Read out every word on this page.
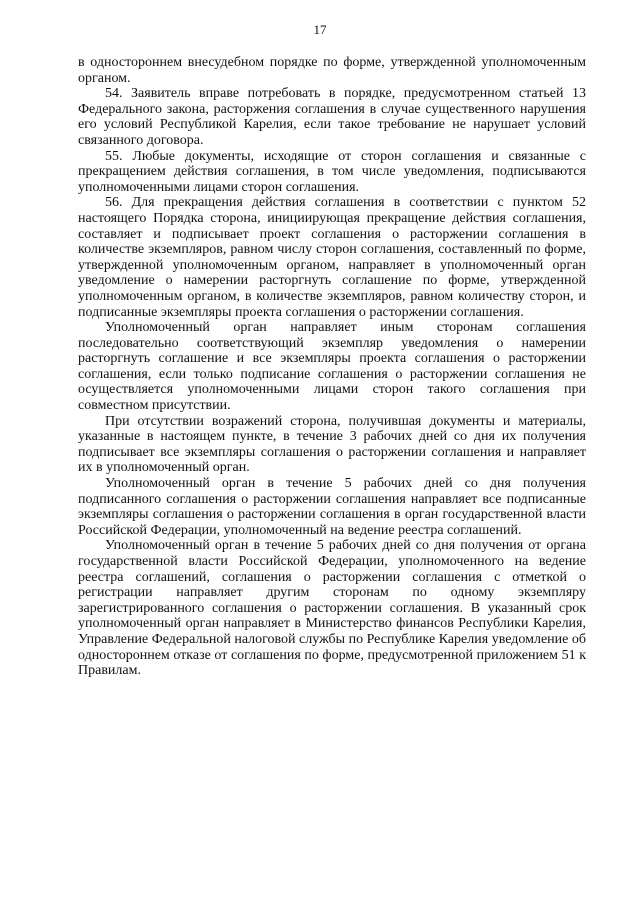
17

в одностороннем внесудебном порядке по форме, утвержденной уполномоченным органом.

54. Заявитель вправе потребовать в порядке, предусмотренном статьей 13 Федерального закона, расторжения соглашения в случае существенного нарушения его условий Республикой Карелия, если такое требование не нарушает условий связанного договора.

55. Любые документы, исходящие от сторон соглашения и связанные с прекращением действия соглашения, в том числе уведомления, подписываются уполномоченными лицами сторон соглашения.

56. Для прекращения действия соглашения в соответствии с пунктом 52 настоящего Порядка сторона, инициирующая прекращение действия соглашения, составляет и подписывает проект соглашения о расторжении соглашения в количестве экземпляров, равном числу сторон соглашения, составленный по форме, утвержденной уполномоченным органом, направляет в уполномоченный орган уведомление о намерении расторгнуть соглашение по форме, утвержденной уполномоченным органом, в количестве экземпляров, равном количеству сторон, и подписанные экземпляры проекта соглашения о расторжении соглашения.

Уполномоченный орган направляет иным сторонам соглашения последовательно соответствующий экземпляр уведомления о намерении расторгнуть соглашение и все экземпляры проекта соглашения о расторжении соглашения, если только подписание соглашения о расторжении соглашения не осуществляется уполномоченными лицами сторон такого соглашения при совместном присутствии.

При отсутствии возражений сторона, получившая документы и материалы, указанные в настоящем пункте, в течение 3 рабочих дней со дня их получения подписывает все экземпляры соглашения о расторжении соглашения и направляет их в уполномоченный орган.

Уполномоченный орган в течение 5 рабочих дней со дня получения подписанного соглашения о расторжении соглашения направляет все подписанные экземпляры соглашения о расторжении соглашения в орган государственной власти Российской Федерации, уполномоченный на ведение реестра соглашений.

Уполномоченный орган в течение 5 рабочих дней со дня получения от органа государственной власти Российской Федерации, уполномоченного на ведение реестра соглашений, соглашения о расторжении соглашения с отметкой о регистрации направляет другим сторонам по одному экземпляру зарегистрированного соглашения о расторжении соглашения. В указанный срок уполномоченный орган направляет в Министерство финансов Республики Карелия, Управление Федеральной налоговой службы по Республике Карелия уведомление об одностороннем отказе от соглашения по форме, предусмотренной приложением 51 к Правилам.
